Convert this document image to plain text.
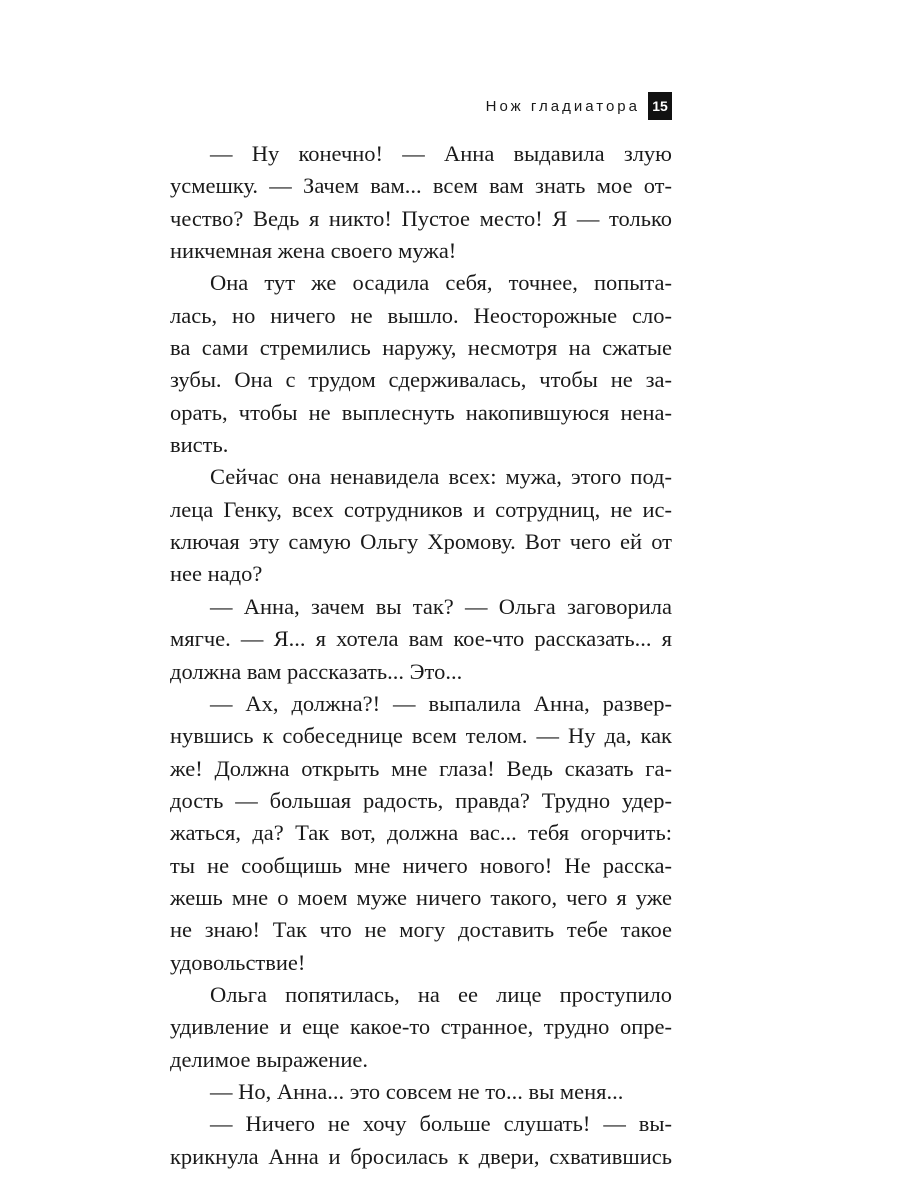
Нож гладиатора 15
— Ну конечно! — Анна выдавила злую
усмешку. — Зачем вам... всем вам знать мое от-
чество? Ведь я никто! Пустое место! Я — только
никчемная жена своего мужа!
Она тут же осадила себя, точнее, попыта-
лась, но ничего не вышло. Неосторожные сло-
ва сами стремились наружу, несмотря на сжатые
зубы. Она с трудом сдерживалась, чтобы не за-
орать, чтобы не выплеснуть накопившуюся нена-
висть.
Сейчас она ненавидела всех: мужа, этого под-
леца Генку, всех сотрудников и сотрудниц, не ис-
ключая эту самую Ольгу Хромову. Вот чего ей от
нее надо?
— Анна, зачем вы так? — Ольга заговорила
мягче. — Я... я хотела вам кое-что рассказать... я
должна вам рассказать... Это...
— Ах, должна?! — выпалила Анна, развер-
нувшись к собеседнице всем телом. — Ну да, как
же! Должна открыть мне глаза! Ведь сказать га-
дость — большая радость, правда? Трудно удер-
жаться, да? Так вот, должна вас... тебя огорчить:
ты не сообщишь мне ничего нового! Не расска-
жешь мне о моем муже ничего такого, чего я уже
не знаю! Так что не могу доставить тебе такое
удовольствие!
Ольга попятилась, на ее лице проступило
удивление и еще какое-то странное, трудно опре-
делимое выражение.
— Но, Анна... это совсем не то... вы меня...
— Ничего не хочу больше слушать! — вы-
крикнула Анна и бросилась к двери, схватившись
